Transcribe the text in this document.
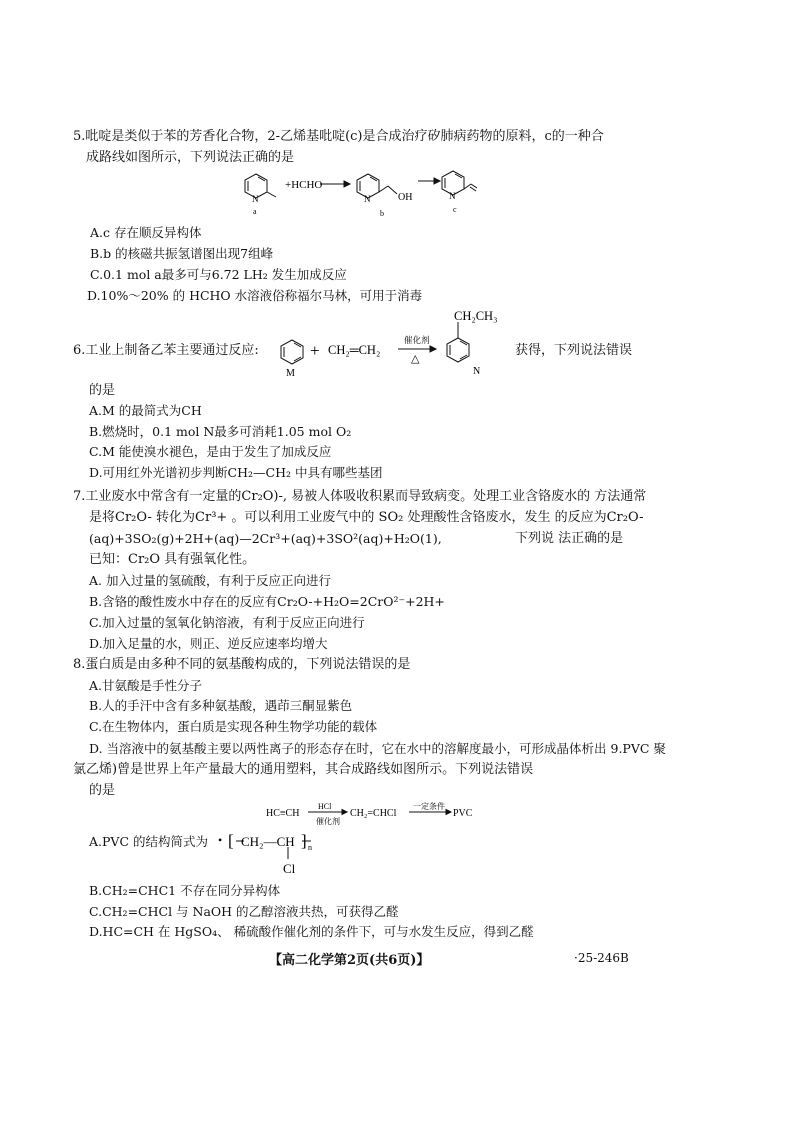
5.吡啶是类似于苯的芳香化合物，2-乙烯基吡啶(c)是合成治疗矽肺病药物的原料，c的一种合
成路线如图所示，下列说法正确的是
N
a
+HCHO
N	OH
b
N
c
A.c 存在顺反异构体
B.b 的核磁共振氢谱图出现7组峰
C.0.1 mol a最多可与6.72 LH₂ 发生加成反应
D.10%～20% 的 HCHO 水溶液俗称福尔马林，可用于消毒
6.工业上制备乙苯主要通过反应:
M
+ CH₂═CH₂
催化剂
△
CH₂CH₃
N
获得，下列说法错误
的是
A.M 的最简式为CH
B.燃烧时，0.1 mol N最多可消耗1.05 mol O₂
C.M 能使溴水褪色，是由于发生了加成反应
D.可用红外光谱初步判断CH₂—CH₂ 中具有哪些基团
7.工业废水中常含有一定量的Cr₂O)-, 易被人体吸收积累而导致病变。处理工业含铬废水的 方法通常
是将Cr₂O- 转化为Cr³+ 。可以利用工业废气中的 SO₂ 处理酸性含铬废水，发生 的反应为Cr₂O-
(aq)+3SO₂(g)+2H+(aq)—2Cr³+(aq)+3SO²(aq)+H₂O(1),	下列说 法正确的是
已知：Cr₂O 具有强氧化性。
A. 加入过量的氢硫酸，有利于反应正向进行
B.含铬的酸性废水中存在的反应有Cr₂O-+H₂O=2CrO²⁻+2H+
C.加入过量的氢氧化钠溶液，有利于反应正向进行
D.加入足量的水，则正、逆反应速率均增大
8.蛋白质是由多种不同的氨基酸构成的，下列说法错误的是
A.甘氨酸是手性分子
B.人的手汗中含有多种氨基酸，遇茚三酮显紫色
C.在生物体内，蛋白质是实现各种生物学功能的载体
D. 当溶液中的氨基酸主要以两性离子的形态存在时，它在水中的溶解度最小，可形成晶体析出 9.PVC 聚
氯乙烯)曾是世界上年产量最大的通用塑料，其合成路线如图所示。下列说法错误
的是
HC≡CH
HCl
催化剂
CH₂=CHCl
一定条件
PVC
A.PVC 的结构简式为 • [ CH₂—CH ] n
Cl
B.CH₂=CHC1 不存在同分异构体
C.CH₂=CHCl 与 NaOH 的乙醇溶液共热，可获得乙醛
D.HC=CH 在 HgSO₄、 稀硫酸作催化剂的条件下，可与水发生反应，得到乙醛
【高二化学第2页(共6页)】	·25-246B
